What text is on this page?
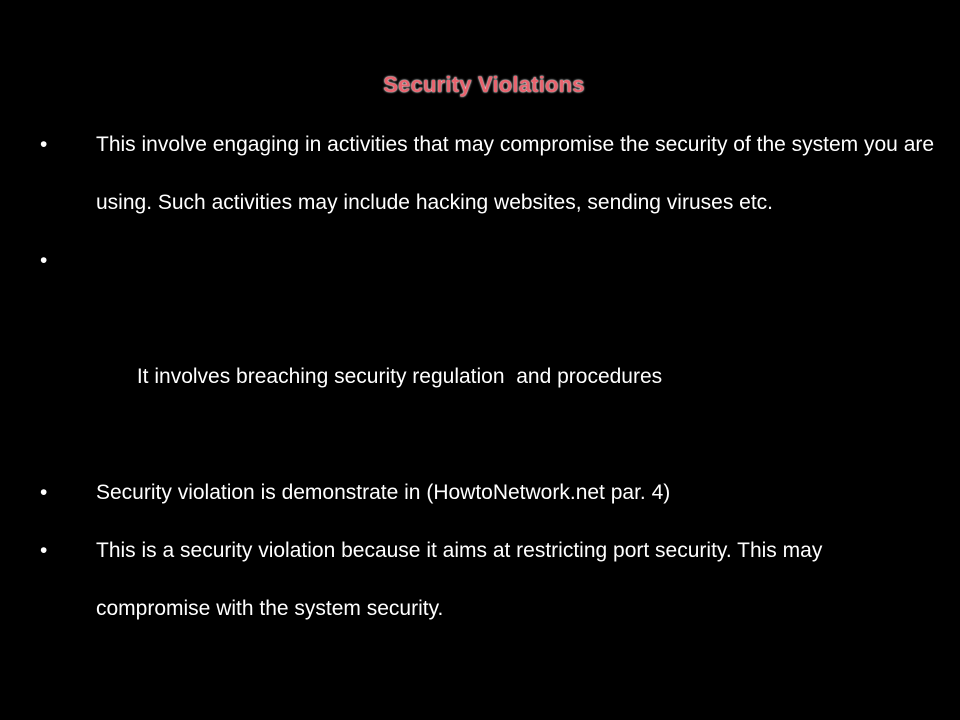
Security Violations
•	This involve engaging in activities that may compromise the security of the system you are using. Such activities may include hacking websites, sending viruses etc.

•

It involves breaching security regulation  and procedures

•	Security violation is demonstrate in (HowtoNetwork.net par. 4)
•	This is a security violation because it aims at restricting port security. This may compromise with the system security.
